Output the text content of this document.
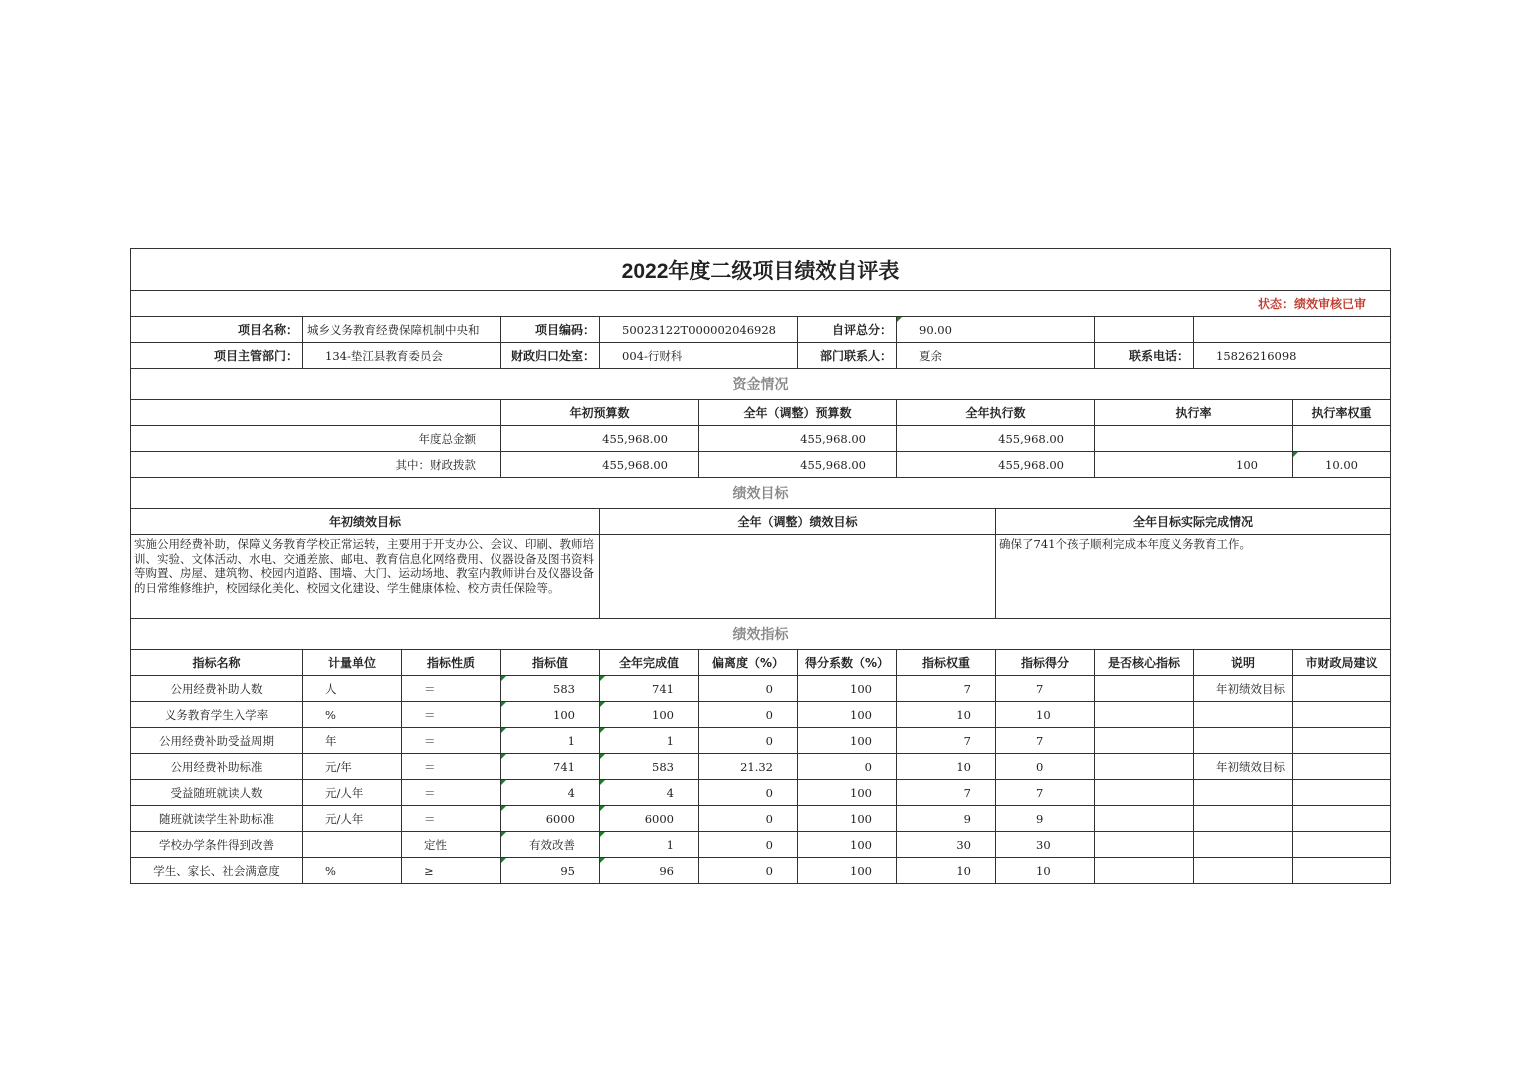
2022年度二级项目绩效自评表												
状态：绩效审核已审												
项目名称：	城乡义务教育经费保障机制中央和		项目编码：	50023122T000002046928		自评总分：	90.00					
项目主管部门：	134-垫江县教育委员会		财政归口处室：	004-行财科		部门联系人：	夏余		联系电话：	15826216098		
资金情况												
			年初预算数		全年（调整）预算数		全年执行数		执行率		执行率权重	
年度总金额			455,968.00		455,968.00		455,968.00					
其中：财政拨款			455,968.00		455,968.00		455,968.00		100		10.00	
绩效目标												
年初绩效目标				全年（调整）绩效目标				全年目标实际完成情况				
实施公用经费补助，保障义务教育学校正常运转，主要用于开支办公、会议、印刷、教师培训、实验、文体活动、水电、交通差旅、邮电、教育信息化网络费用、仪器设备及图书资料等购置、房屋、建筑物、校园内道路、围墙、大门、运动场地、教室内教师讲台及仪器设备的日常维修维护，校园绿化美化、校园文化建设、学生健康体检、校方责任保险等。								确保了741个孩子顺利完成本年度义务教育工作。				
绩效指标												
指标名称	计量单位	指标性质	指标值	全年完成值	偏离度（%）	得分系数（%）	指标权重	指标得分	是否核心指标	说明	市财政局建议	
公用经费补助人数	人	＝	583	741	0	100	7	7		年初绩效目标		
义务教育学生入学率	%	＝	100	100	0	100	10	10				
公用经费补助受益周期	年	＝	1	1	0	100	7	7				
公用经费补助标准	元/年	＝	741	583	21.32	0	10	0		年初绩效目标		
受益随班就读人数	元/人年	＝	4	4	0	100	7	7				
随班就读学生补助标准	元/人年	＝	6000	6000	0	100	9	9				
学校办学条件得到改善		定性	有效改善	1	0	100	30	30				
学生、家长、社会满意度	%	≥	95	96	0	100	10	10				
